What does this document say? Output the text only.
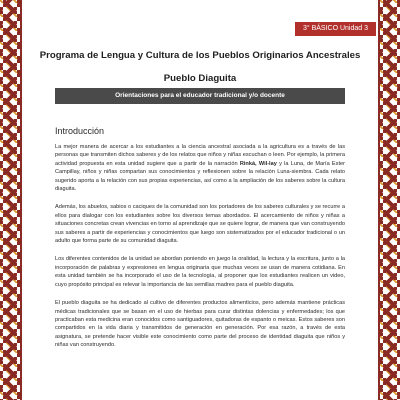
3° BÁSICO Unidad 3
Programa de Lengua y Cultura de los Pueblos Originarios Ancestrales
Pueblo Diaguita
Orientaciones para el educador tradicional y/o docente
Introducción

La mejor manera de acercar a los estudiantes a la ciencia ancestral asociada a la agricultura es a través de las personas que transmiten dichos saberes y de los relatos que niños y niñas escuchan o leen. Por ejemplo, la primera actividad propuesta en esta unidad sugiere que a partir de la narración Rinká, Wil-lay y la Luna, de María Ester Campillay, niños y niñas compartan sus conocimientos y reflexionen sobre la relación Luna-siembra. Cada relato sugerido aporta a la relación con sus propias experiencias, así como a la ampliación de los saberes sobre la cultura diaguita.

Además, los abuelos, sabios o caciques de la comunidad son los portadores de los saberes culturales y se recurre a ellos para dialogar con los estudiantes sobre los diversos temas abordados. El acercamiento de niños y niñas a situaciones concretas crean vivencias en torno al aprendizaje que se quiere lograr, de manera que van construyendo sus saberes a partir de experiencias y conocimientos que luego son sistematizados por el educador tradicional o un adulto que forma parte de su comunidad diaguita.

Los diferentes contenidos de la unidad se abordan poniendo en juego la oralidad, la lectura y la escritura, junto a la incorporación de palabras y expresiones en lengua originaria que muchas veces se usan de manera cotidiana. En esta unidad también se ha incorporado el uso de la tecnología, al proponer que los estudiantes realicen un video, cuyo propósito principal es relevar la importancia de las semillas madres para el pueblo diaguita.

El pueblo diaguita se ha dedicado al cultivo de diferentes productos alimenticios, pero además mantiene prácticas médicas tradicionales que se basan en el uso de hierbas para curar distintas dolencias y enfermedades; los que practicaban esta medicina eran conocidos como santiguadores, quitadoras de espanto o meicas. Estos saberes son compartidos en la vida diaria y transmitidos de generación en generación. Por esa razón, a través de esta asignatura, se pretende hacer visible este conocimiento como parte del proceso de identidad diaguita que niños y niñas van construyendo.
